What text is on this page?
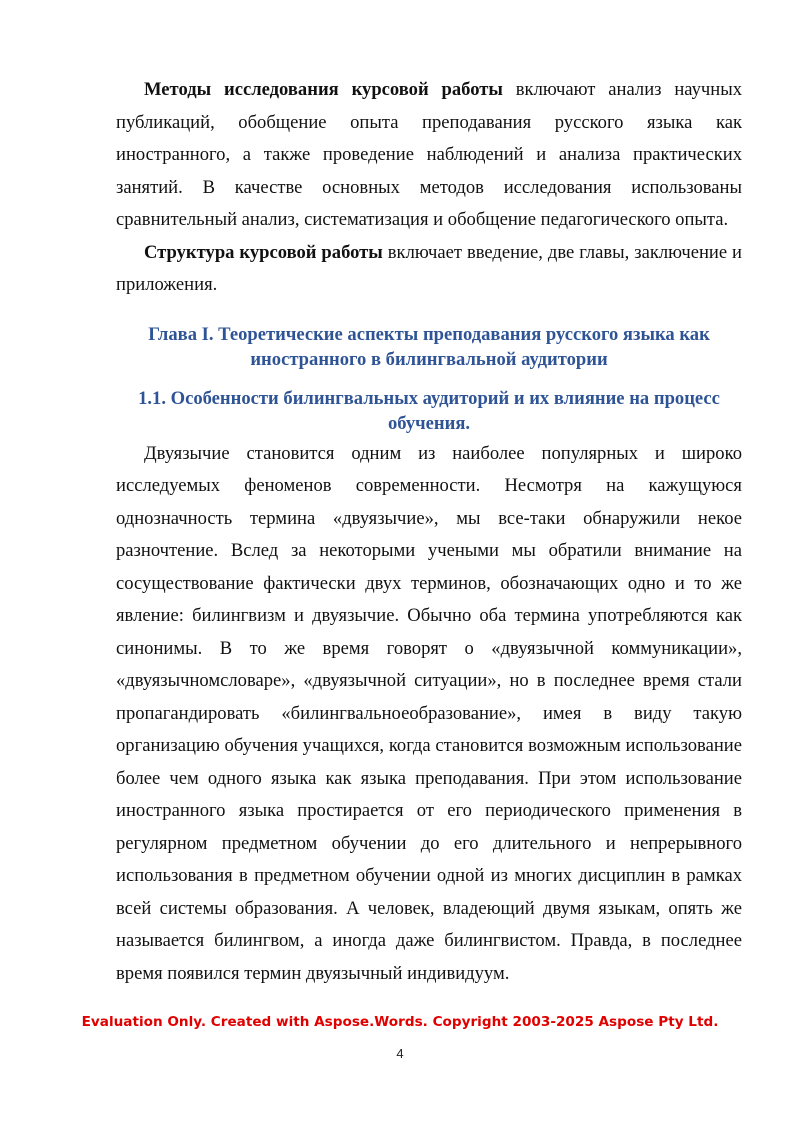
Методы исследования курсовой работы включают анализ научных публикаций, обобщение опыта преподавания русского языка как иностранного, а также проведение наблюдений и анализа практических занятий. В качестве основных методов исследования использованы сравнительный анализ, систематизация и обобщение педагогического опыта.

Структура курсовой работы включает введение, две главы, заключение и приложения.

Глава I. Теоретические аспекты преподавания русского языка как
иностранного в билингвальной аудитории
1.1. Особенности билингвальных аудиторий и их влияние на процесс
обучения.

Двуязычие становится одним из наиболее популярных и широко исследуемых феноменов современности. Несмотря на кажущуюся однозначность термина «двуязычие», мы все-таки обнаружили некое разночтение. Вслед за некоторыми учеными мы обратили внимание на сосуществование фактически двух терминов, обозначающих одно и то же явление: билингвизм и двуязычие. Обычно оба термина употребляются как синонимы. В то же время говорят о «двуязычной коммуникации», «двуязычномсловаре», «двуязычной ситуации», но в последнее время стали пропагандировать «билингвальноеобразование», имея в виду такую организацию обучения учащихся, когда становится возможным использование более чем одного языка как языка преподавания. При этом использование иностранного языка простирается от его периодического применения в регулярном предметном обучении до его длительного и непрерывного использования в предметном обучении одной из многих дисциплин в рамках всей системы образования. А человек, владеющий двумя языкам, опять же называется билингвом, а иногда даже билингвистом. Правда, в последнее время появился термин двуязычный индивидуум.

Evaluation Only. Created with Aspose.Words. Copyright 2003-2025 Aspose Pty Ltd.
4
